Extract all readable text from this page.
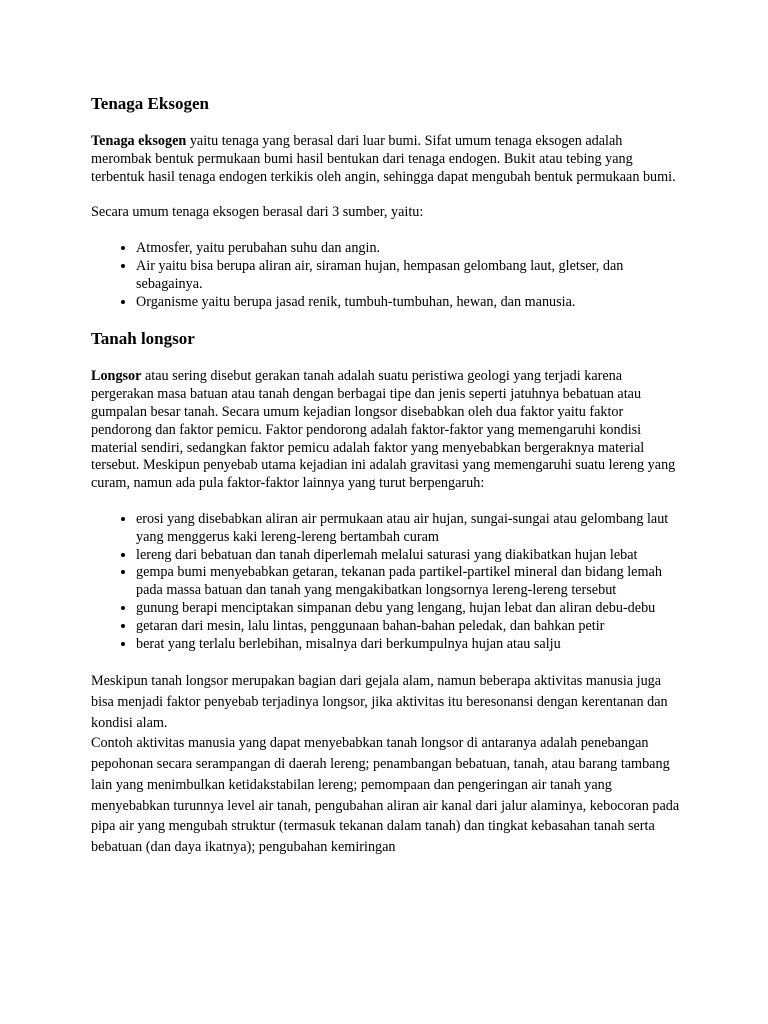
Tenaga Eksogen

Tenaga eksogen yaitu tenaga yang berasal dari luar bumi. Sifat umum tenaga eksogen adalah merombak bentuk permukaan bumi hasil bentukan dari tenaga endogen. Bukit atau tebing yang terbentuk hasil tenaga endogen terkikis oleh angin, sehingga dapat mengubah bentuk permukaan bumi.

Secara umum tenaga eksogen berasal dari 3 sumber, yaitu:

• Atmosfer, yaitu perubahan suhu dan angin.
• Air yaitu bisa berupa aliran air, siraman hujan, hempasan gelombang laut, gletser, dan sebagainya.
• Organisme yaitu berupa jasad renik, tumbuh-tumbuhan, hewan, dan manusia.
Tanah longsor

Longsor atau sering disebut gerakan tanah adalah suatu peristiwa geologi yang terjadi karena pergerakan masa batuan atau tanah dengan berbagai tipe dan jenis seperti jatuhnya bebatuan atau gumpalan besar tanah. Secara umum kejadian longsor disebabkan oleh dua faktor yaitu faktor pendorong dan faktor pemicu. Faktor pendorong adalah faktor-faktor yang memengaruhi kondisi material sendiri, sedangkan faktor pemicu adalah faktor yang menyebabkan bergeraknya material tersebut. Meskipun penyebab utama kejadian ini adalah gravitasi yang memengaruhi suatu lereng yang curam, namun ada pula faktor-faktor lainnya yang turut berpengaruh:

• erosi yang disebabkan aliran air permukaan atau air hujan, sungai-sungai atau gelombang laut yang menggerus kaki lereng-lereng bertambah curam
• lereng dari bebatuan dan tanah diperlemah melalui saturasi yang diakibatkan hujan lebat
• gempa bumi menyebabkan getaran, tekanan pada partikel-partikel mineral dan bidang lemah pada massa batuan dan tanah yang mengakibatkan longsornya lereng-lereng tersebut
• gunung berapi menciptakan simpanan debu yang lengang, hujan lebat dan aliran debu-debu
• getaran dari mesin, lalu lintas, penggunaan bahan-bahan peledak, dan bahkan petir
• berat yang terlalu berlebihan, misalnya dari berkumpulnya hujan atau salju

Meskipun tanah longsor merupakan bagian dari gejala alam, namun beberapa aktivitas manusia juga bisa menjadi faktor penyebab terjadinya longsor, jika aktivitas itu beresonansi dengan kerentanan dan kondisi alam.

Contoh aktivitas manusia yang dapat menyebabkan tanah longsor di antaranya adalah penebangan pepohonan secara serampangan di daerah lereng; penambangan bebatuan, tanah, atau barang tambang lain yang menimbulkan ketidakstabilan lereng; pemompaan dan pengeringan air tanah yang menyebabkan turunnya level air tanah, pengubahan aliran air kanal dari jalur alaminya, kebocoran pada pipa air yang mengubah struktur (termasuk tekanan dalam tanah) dan tingkat kebasahan tanah serta bebatuan (dan daya ikatnya); pengubahan kemiringan
